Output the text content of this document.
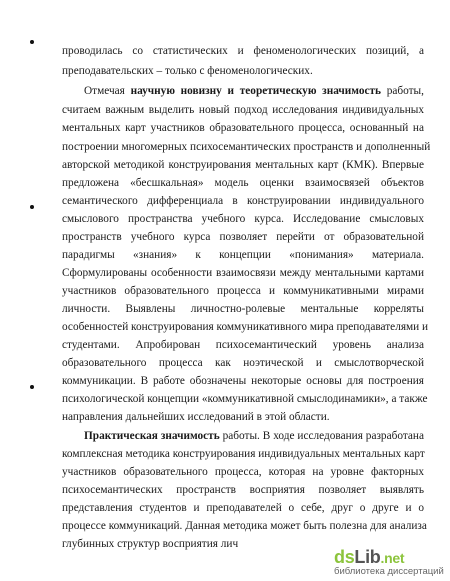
проводилась со статистических и феноменологических позиций, а
преподавательских – только с феноменологических.
Отмечая научную новизну и теоретическую значимость работы,
считаем важным выделить новый подход исследования индивидуальных
ментальных карт участников образовательного процесса, основанный на
построении многомерных психосемантических пространств и дополненный
авторской методикой конструирования ментальных карт (КМК). Впервые
предложена «бесшкальная» модель оценки взаимосвязей объектов
семантического дифференциала в конструировании индивидуального
смыслового пространства учебного курса. Исследование смысловых
пространств учебного курса позволяет перейти от образовательной
парадигмы «знания» к концепции «понимания» материала.
Сформулированы особенности взаимосвязи между ментальными картами
участников образовательного процесса и коммуникативными мирами
личности. Выявлены личностно-ролевые ментальные корреляты
особенностей конструирования коммуникативного мира преподавателями и
студентами. Апробирован психосемантический уровень анализа
образовательного процесса как ноэтической и смыслотворческой
коммуникации. В работе обозначены некоторые основы для построения
психологической концепции «коммуникативной смыслодинамики», а также
направления дальнейших исследований в этой области.
Практическая значимость работы. В ходе исследования разработана
комплексная методика конструирования индивидуальных ментальных карт
участников образовательного процесса, которая на уровне факторных
психосемантических пространств восприятия позволяет выявлять
представления студентов и преподавателей о себе, друг о друге и о
процессе коммуникаций. Данная методика может быть полезна для анализа
глубинных структур восприятия лич
dsLib.net
библиотека диссертаций
